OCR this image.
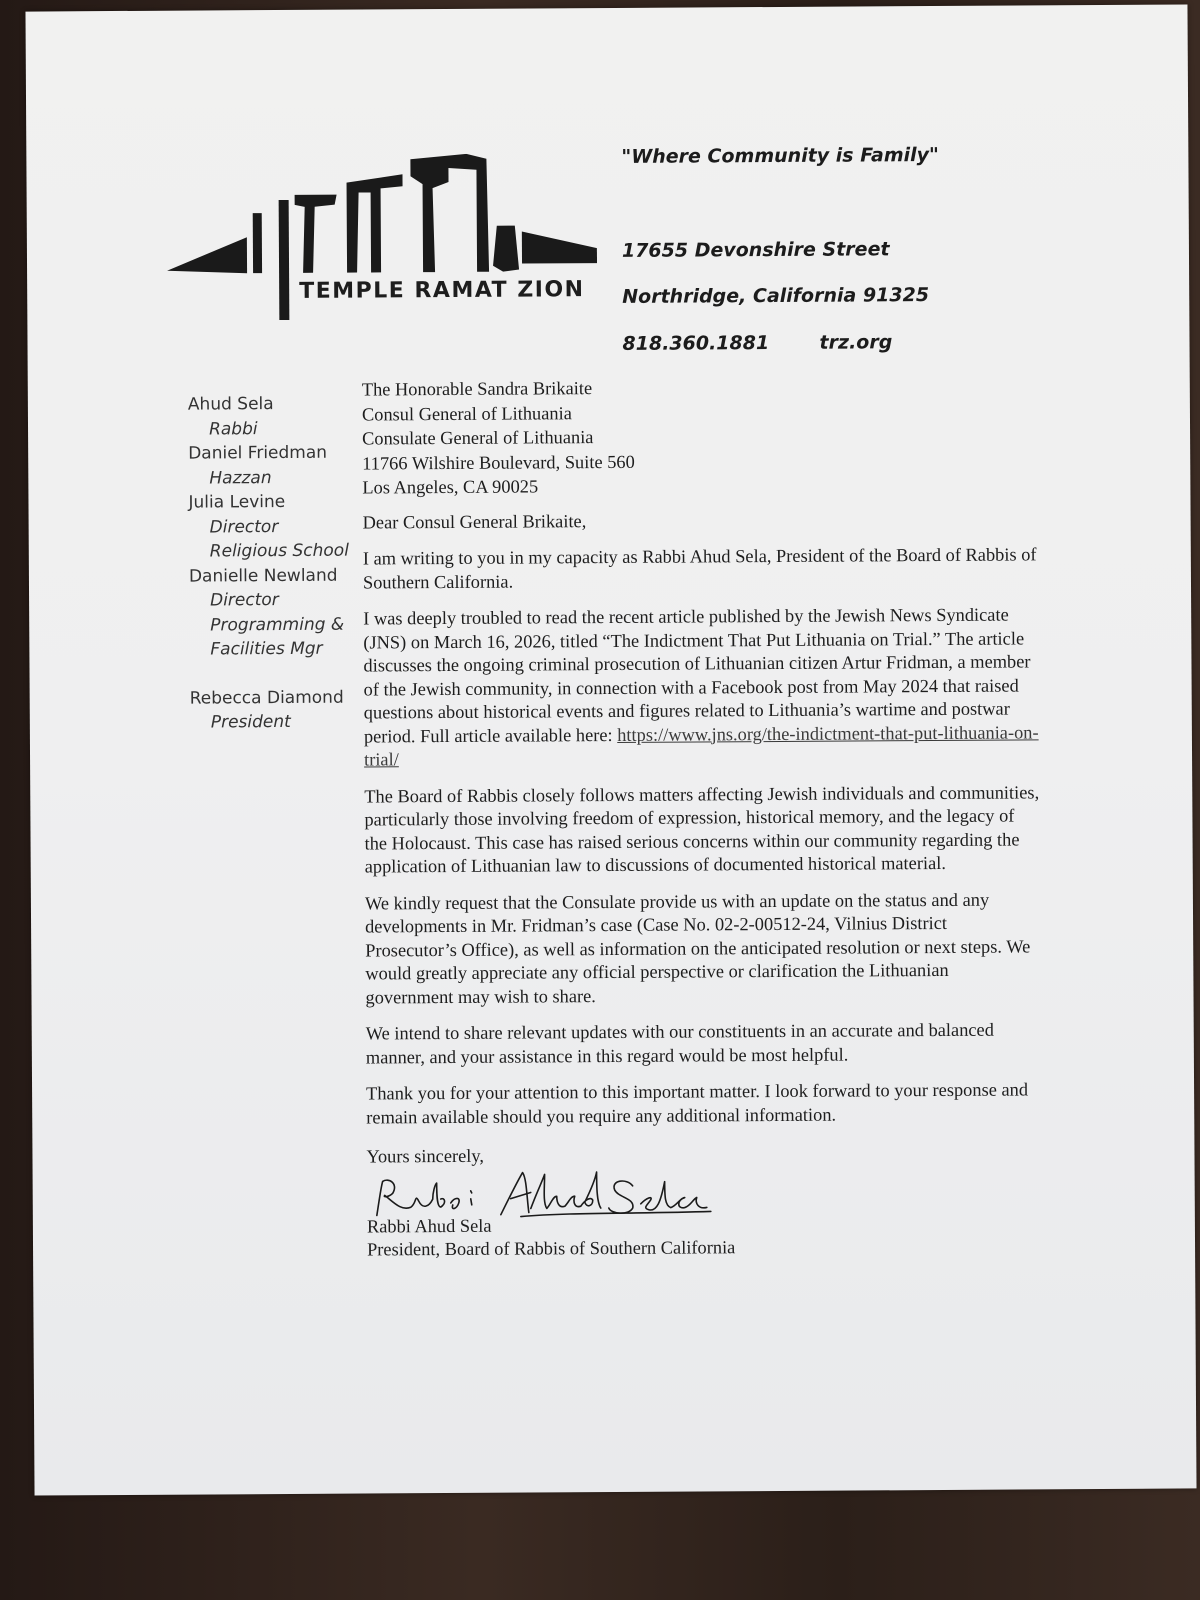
TEMPLE RAMAT ZION
"Where Community is Family"
17655 Devonshire Street
Northridge, California 91325
818.360.1881	trz.org
Ahud Sela
Rabbi
Daniel Friedman
Hazzan
Julia Levine
Director
Religious School
Danielle Newland
Director
Programming &
Facilities Mgr
Rebecca Diamond
President

The Honorable Sandra Brikaite

Consul General of Lithuania

Consulate General of Lithuania

11766 Wilshire Boulevard, Suite 560

Los Angeles, CA 90025

Dear Consul General Brikaite,

I am writing to you in my capacity as Rabbi Ahud Sela, President of the Board of Rabbis of Southern California.

I was deeply troubled to read the recent article published by the Jewish News Syndicate (JNS) on March 16, 2026, titled “The Indictment That Put Lithuania on Trial.” The article discusses the ongoing criminal prosecution of Lithuanian citizen Artur Fridman, a member of the Jewish community, in connection with a Facebook post from May 2024 that raised questions about historical events and figures related to Lithuania’s wartime and postwar period. Full article available here: https://www.jns.org/the-indictment-that-put-lithuania-on-trial/

The Board of Rabbis closely follows matters affecting Jewish individuals and communities, particularly those involving freedom of expression, historical memory, and the legacy of the Holocaust. This case has raised serious concerns within our community regarding the application of Lithuanian law to discussions of documented historical material.

We kindly request that the Consulate provide us with an update on the status and any developments in Mr. Fridman’s case (Case No. 02-2-00512-24, Vilnius District Prosecutor’s Office), as well as information on the anticipated resolution or next steps. We would greatly appreciate any official perspective or clarification the Lithuanian government may wish to share.

We intend to share relevant updates with our constituents in an accurate and balanced manner, and your assistance in this regard would be most helpful.

Thank you for your attention to this important matter. I look forward to your response and remain available should you require any additional information.

Yours sincerely,

Rabbi Ahud Sela

President, Board of Rabbis of Southern California
